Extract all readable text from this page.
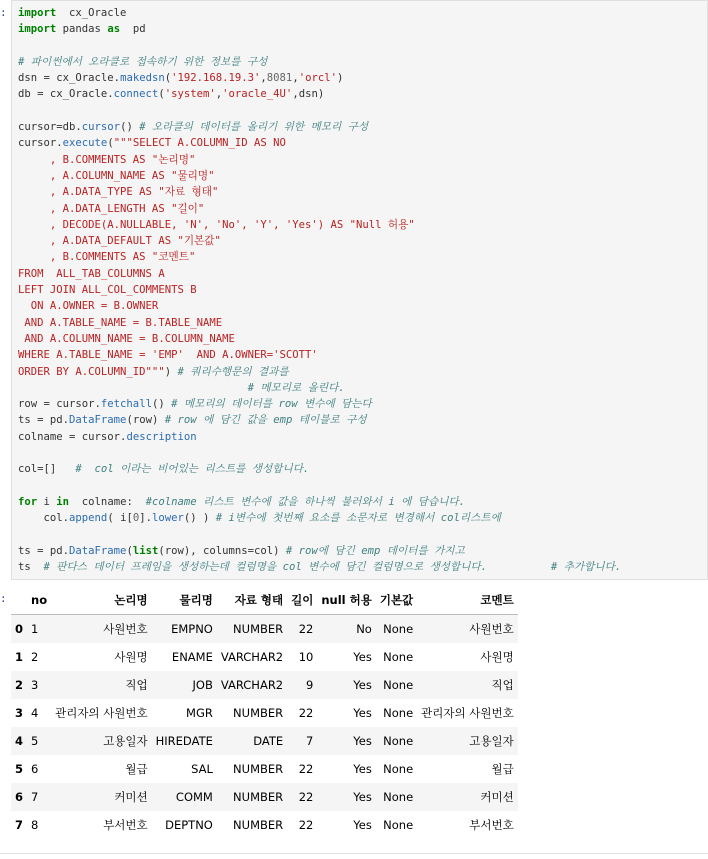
:	import  cx_Oracle
import pandas as  pd

# 파이썬에서 오라클로 접속하기 위한 정보를 구성
dsn = cx_Oracle.makedsn('192.168.19.3',8081,'orcl')
db = cx_Oracle.connect('system','oracle_4U',dsn)

cursor=db.cursor() # 오라클의 데이터를 올리기 위한 메모리 구성
cursor.execute("""SELECT A.COLUMN_ID AS NO
, B.COMMENTS AS "논리명"
, A.COLUMN_NAME AS "물리명"
, A.DATA_TYPE AS "자료 형태"
, A.DATA_LENGTH AS "길이"
, DECODE(A.NULLABLE, 'N', 'No', 'Y', 'Yes') AS "Null 허용"
, A.DATA_DEFAULT AS "기본값"
, B.COMMENTS AS "코멘트"
FROM  ALL_TAB_COLUMNS A
LEFT JOIN ALL_COL_COMMENTS B
ON A.OWNER = B.OWNER
AND A.TABLE_NAME = B.TABLE_NAME
AND A.COLUMN_NAME = B.COLUMN_NAME
WHERE A.TABLE_NAME = 'EMP'  AND A.OWNER='SCOTT'
ORDER BY A.COLUMN_ID""") # 쿼리수행문의 결과를
# 메모리로 올린다.
row = cursor.fetchall() # 메모리의 데이터를 row 변수에 담는다
ts = pd.DataFrame(row) # row 에 담긴 값을 emp 테이블로 구성
colname = cursor.description

col=[]   #  col 이라는 비어있는 리스트를 생성합니다.

for i in  colname:  #colname 리스트 변수에 값을 하나씩 불러와서 i 에 담습니다.
col.append( i[0].lower() ) # i변수에 첫번째 요소를 소문자로 변경해서 col리스트에

ts = pd.DataFrame(list(row), columns=col) # row에 담긴 emp 데이터를 가지고
ts  # 판다스 데이터 프레임을 생성하는데 컬럼명을 col 변수에 담긴 컬럼명으로 생성합니다.          # 추가합니다.
:
	no	논리명	물리명	자료 형태	길이	null 허용	기본값	코멘트
0	1	사원번호	EMPNO	NUMBER	22	No	None	사원번호
1	2	사원명	ENAME	VARCHAR2	10	Yes	None	사원명
2	3	직업	JOB	VARCHAR2	9	Yes	None	직업
3	4	관리자의 사원번호	MGR	NUMBER	22	Yes	None	관리자의 사원번호
4	5	고용일자	HIREDATE	DATE	7	Yes	None	고용일자
5	6	월급	SAL	NUMBER	22	Yes	None	월급
6	7	커미션	COMM	NUMBER	22	Yes	None	커미션
7	8	부서번호	DEPTNO	NUMBER	22	Yes	None	부서번호
